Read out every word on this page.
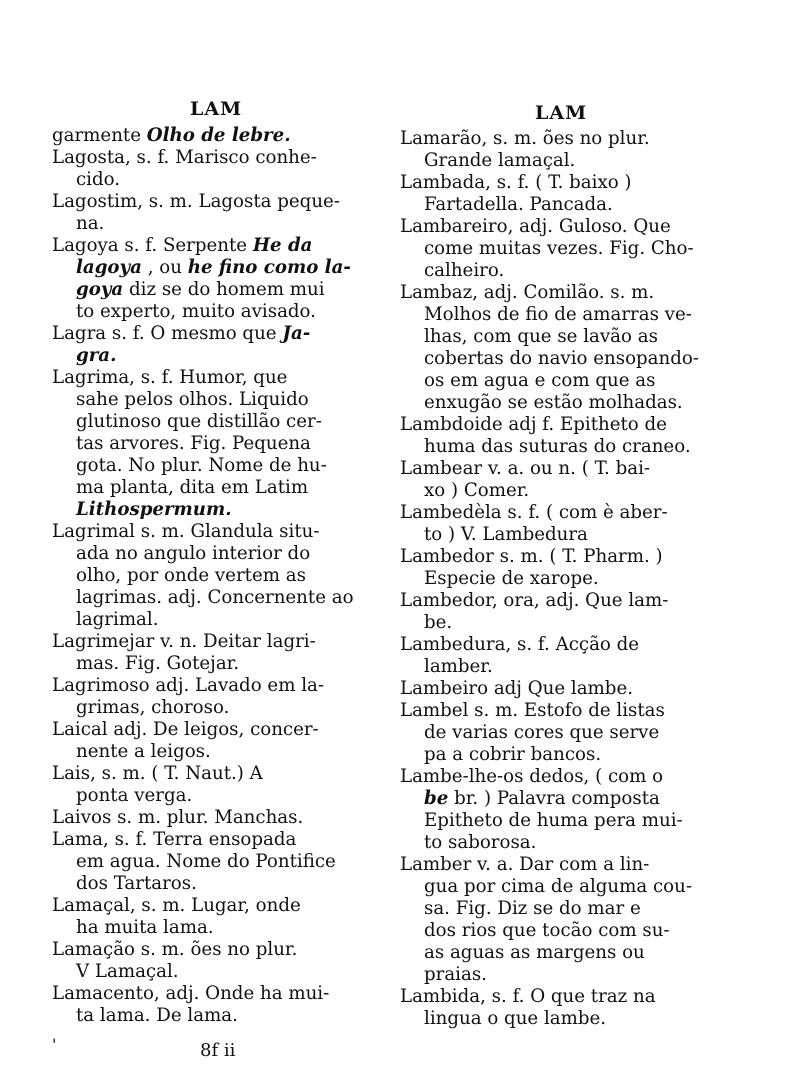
LAM	LAM
garmente Olho de lebre.
Lagosta, s. f. Marisco conhe-
cido.
Lagostim, s. m. Lagosta peque-
na.
Lagoya s. f. Serpente He da
lagoya , ou he fino como la-
goya diz se do homem mui
to experto, muito avisado.
Lagra s. f. O mesmo que Ja-
gra.
Lagrima, s. f. Humor, que
sahe pelos olhos. Liquido
glutinoso que distillão cer-
tas arvores. Fig. Pequena
gota. No plur. Nome de hu-
ma planta, dita em Latim
Lithospermum.
Lagrimal s. m. Glandula situ-
ada no angulo interior do
olho, por onde vertem as
lagrimas. adj. Concernente ao
lagrimal.
Lagrimejar v. n. Deitar lagri-
mas. Fig. Gotejar.
Lagrimoso adj. Lavado em la-
grimas, choroso.
Laical adj. De leigos, concer-
nente a leigos.
Lais, s. m. ( T. Naut.) A
ponta verga.
Laivos s. m. plur. Manchas.
Lama, s. f. Terra ensopada
em agua. Nome do Pontifice
dos Tartaros.
Lamaçal, s. m. Lugar, onde
ha muita lama.
Lamação s. m. ões no plur.
V Lamaçal.
Lamacento, adj. Onde ha mui-
ta lama. De lama.
Lamarão, s. m. ões no plur.
Grande lamaçal.
Lambada, s. f. ( T. baixo )
Fartadella. Pancada.
Lambareiro, adj. Guloso. Que
come muitas vezes. Fig. Cho-
calheiro.
Lambaz, adj. Comilão. s. m.
Molhos de fio de amarras ve-
lhas, com que se lavão as
cobertas do navio ensopando-
os em agua e com que as
enxugão se estão molhadas.
Lambdoide adj f. Epitheto de
huma das suturas do craneo.
Lambear v. a. ou n. ( T. bai-
xo ) Comer.
Lambedèla s. f. ( com è aber-
to ) V. Lambedura
Lambedor s. m. ( T. Pharm. )
Especie de xarope.
Lambedor, ora, adj. Que lam-
be.
Lambedura, s. f. Acção de
lamber.
Lambeiro adj Que lambe.
Lambel s. m. Estofo de listas
de varias cores que serve
pa a cobrir bancos.
Lambe-lhe-os dedos, ( com o
be br. ) Palavra composta
Epitheto de huma pera mui-
to saborosa.
Lamber v. a. Dar com a lin-
gua por cima de alguma cou-
sa. Fig. Diz se do mar e
dos rios que tocão com su-
as aguas as margens ou
praias.
Lambida, s. f. O que traz na
lingua o que lambe.
'	8f ii
